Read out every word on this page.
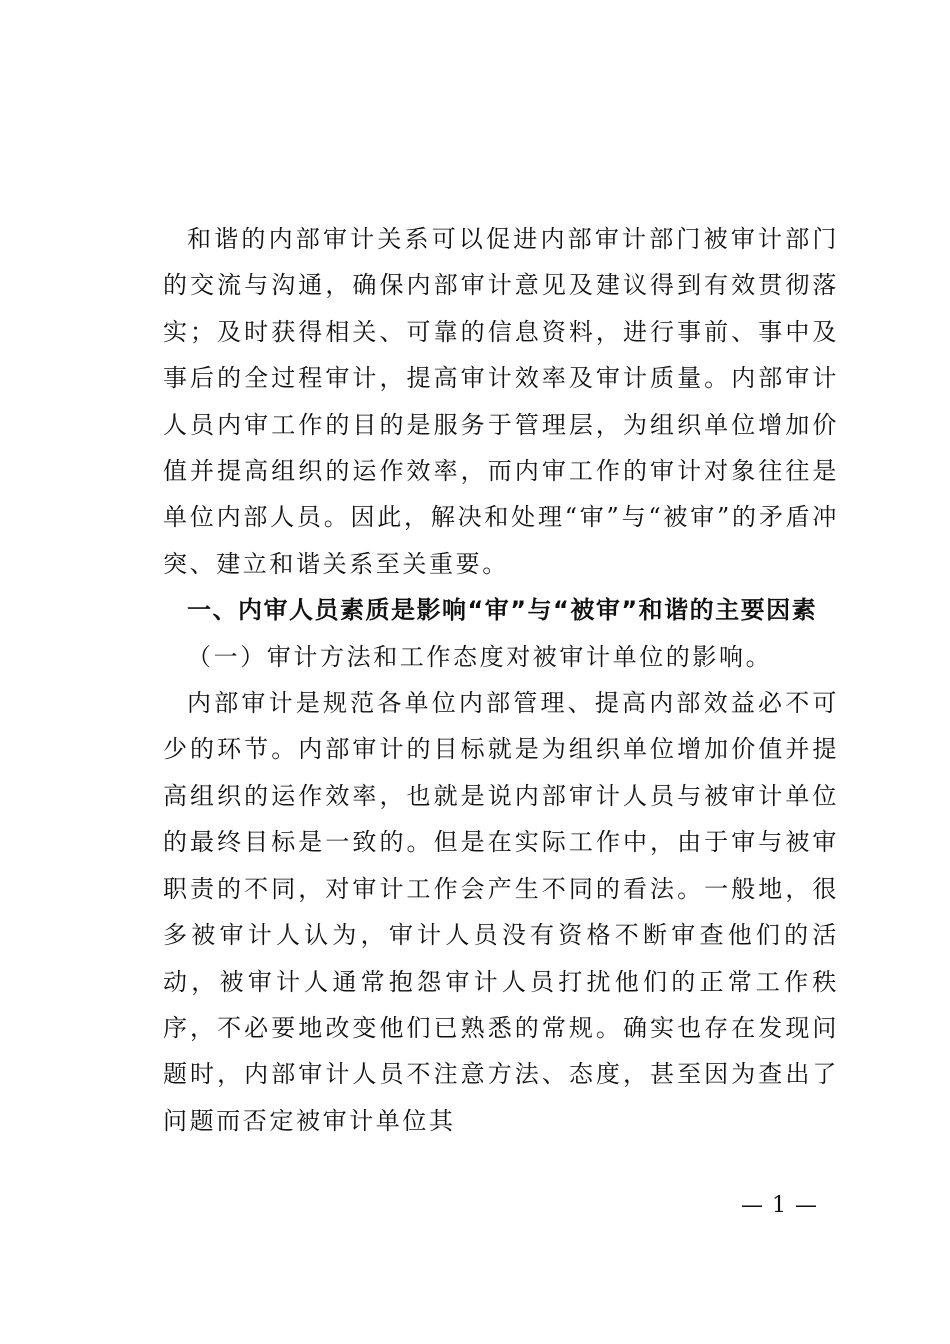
和谐的内部审计关系可以促进内部审计部门被审计部门的交流与沟通，确保内部审计意见及建议得到有效贯彻落实；及时获得相关、可靠的信息资料，进行事前、事中及事后的全过程审计，提高审计效率及审计质量。内部审计人员内审工作的目的是服务于管理层，为组织单位增加价值并提高组织的运作效率，而内审工作的审计对象往往是单位内部人员。因此，解决和处理“审”与“被审”的矛盾冲突、建立和谐关系至关重要。

一、内审人员素质是影响“审”与“被审”和谐的主要因素

（一）审计方法和工作态度对被审计单位的影响。

内部审计是规范各单位内部管理、提高内部效益必不可少的环节。内部审计的目标就是为组织单位增加价值并提高组织的运作效率，也就是说内部审计人员与被审计单位的最终目标是一致的。但是在实际工作中，由于审与被审职责的不同，对审计工作会产生不同的看法。一般地，很多被审计人认为，审计人员没有资格不断审查他们的活动，被审计人通常抱怨审计人员打扰他们的正常工作秩序，不必要地改变他们已熟悉的常规。确实也存在发现问题时，内部审计人员不注意方法、态度，甚至因为查出了问题而否定被审计单位其

— 1 —
